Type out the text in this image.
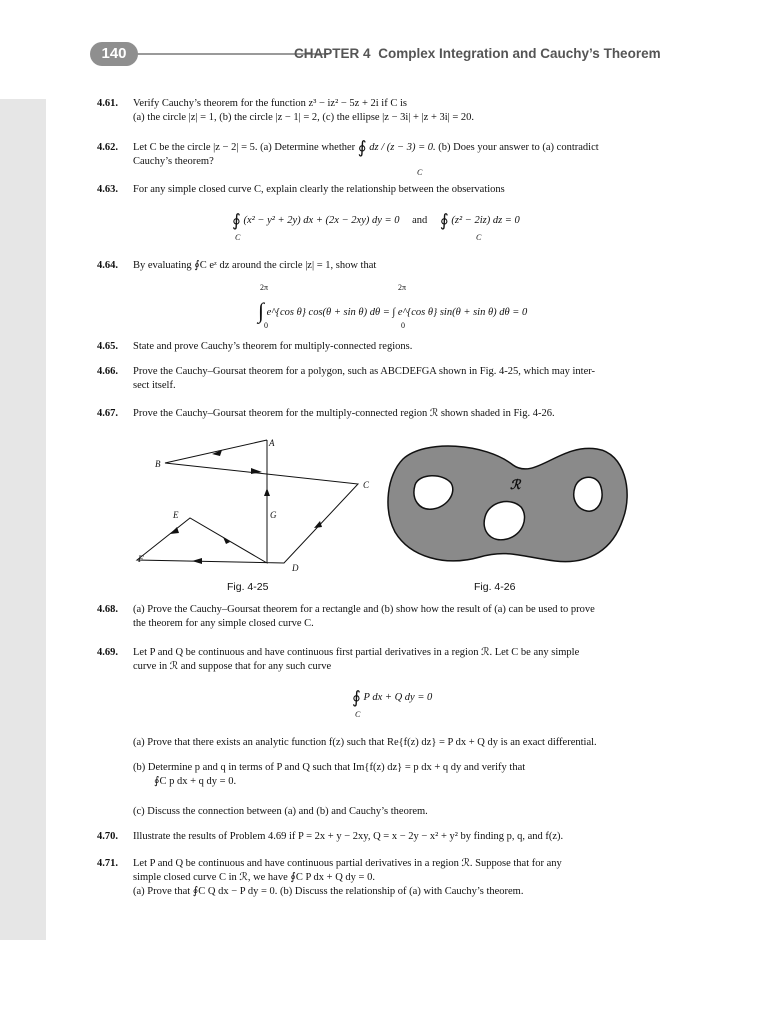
140	CHAPTER 4 Complex Integration and Cauchy’s Theorem
4.61. Verify Cauchy’s theorem for the function z³ − iz² − 5z + 2i if C is
(a) the circle |z| = 1, (b) the circle |z − 1| = 2, (c) the ellipse |z − 3i| + |z + 3i| = 20.
4.62. Let C be the circle |z − 2| = 5. (a) Determine whether ∮ dz / (z − 3) = 0. (b) Does your answer to (a) contradict
Cauchy’s theorem?
C
4.63. For any simple closed curve C, explain clearly the relationship between the observations
∮ (x² − y² + 2y) dx + (2x − 2xy) dy = 0 and ∮ (z² − 2iz) dz = 0
C	C
4.64. By evaluating ∮C eᶻ dz around the circle |z| = 1, show that
2π	2π
∫ e^{cos θ} cos(θ + sin θ) dθ = ∫ e^{cos θ} sin(θ + sin θ) dθ = 0
0	0
4.65. State and prove Cauchy’s theorem for multiply-connected regions.
4.66. Prove the Cauchy–Goursat theorem for a polygon, such as ABCDEFGA shown in Fig. 4-25, which may inter-
sect itself.
4.67. Prove the Cauchy–Goursat theorem for the multiply-connected region ℛ shown shaded in Fig. 4-26.
A
B
C
D
E
F
G
Fig. 4-25
ℛ
Fig. 4-26
4.68. (a) Prove the Cauchy–Goursat theorem for a rectangle and (b) show how the result of (a) can be used to prove
the theorem for any simple closed curve C.
4.69. Let P and Q be continuous and have continuous first partial derivatives in a region ℛ. Let C be any simple
curve in ℛ and suppose that for any such curve
∮ P dx + Q dy = 0
C
(a) Prove that there exists an analytic function f(z) such that Re{f(z) dz} = P dx + Q dy is an exact differential.
(b) Determine p and q in terms of P and Q such that Im{f(z) dz} = p dx + q dy and verify that
∮C p dx + q dy = 0.
(c) Discuss the connection between (a) and (b) and Cauchy’s theorem.
4.70. Illustrate the results of Problem 4.69 if P = 2x + y − 2xy, Q = x − 2y − x² + y² by finding p, q, and f(z).
4.71. Let P and Q be continuous and have continuous partial derivatives in a region ℛ. Suppose that for any
simple closed curve C in ℛ, we have ∮C P dx + Q dy = 0.
(a) Prove that ∮C Q dx − P dy = 0. (b) Discuss the relationship of (a) with Cauchy’s theorem.
